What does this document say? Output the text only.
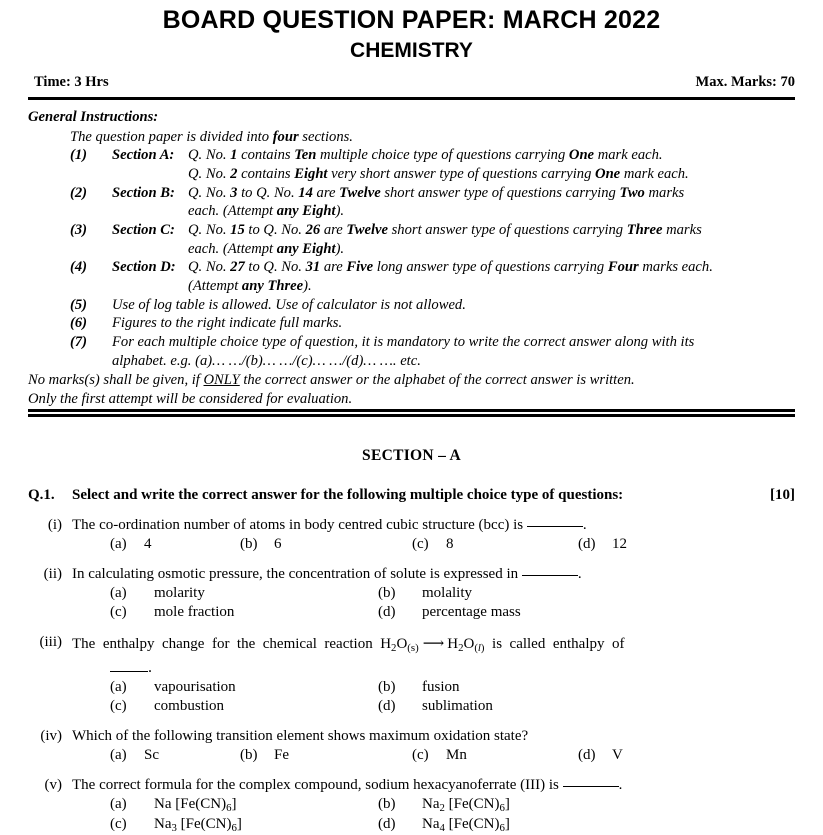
BOARD QUESTION PAPER: MARCH 2022
CHEMISTRY
Time: 3 Hrs	Max. Marks: 70
General Instructions:
The question paper is divided into four sections.
(1)	Section A: Q. No. 1 contains Ten multiple choice type of questions carrying One mark each.
Q. No. 2 contains Eight very short answer type of questions carrying One mark each.
(2)	Section B: Q. No. 3 to Q. No. 14 are Twelve short answer type of questions carrying Two marks
each. (Attempt any Eight).
(3)	Section C: Q. No. 15 to Q. No. 26 are Twelve short answer type of questions carrying Three marks
each. (Attempt any Eight).
(4)	Section D: Q. No. 27 to Q. No. 31 are Five long answer type of questions carrying Four marks each.
(Attempt any Three).
(5)	Use of log table is allowed. Use of calculator is not allowed.
(6)	Figures to the right indicate full marks.
(7)	For each multiple choice type of question, it is mandatory to write the correct answer along with its
alphabet. e.g. (a)… …/(b)… …/(c)… …/(d)… …. etc.
No marks(s) shall be given, if ONLY the correct answer or the alphabet of the correct answer is written.
Only the first attempt will be considered for evaluation.
SECTION – A
Q.1.	Select and write the correct answer for the following multiple choice type of questions:	[10]
(i) The co-ordination number of atoms in body centred cubic structure (bcc) is	.
(a)	4	(b)	6	(c)	8	(d)	12
(ii) In calculating osmotic pressure, the concentration of solute is expressed in	.
(a)	molarity	(b)	molality
(c)	mole fraction	(d)	percentage mass
(iii) The  enthalpy  change  for  the  chemical  reaction  $H_2O_{(s)}$ ⟶ $H_2O_{(l)}$  is  called  enthalpy  of
.
(a)	vapourisation	(b)	fusion
(c)	combustion	(d)	sublimation
(iv) Which of the following transition element shows maximum oxidation state?
(a)	Sc	(b)	Fe	(c)	Mn	(d)	V
(v) The correct formula for the complex compound, sodium hexacyanoferrate (III) is	.
(a)	Na $[Fe(CN)_6]$	(b)	$Na_2$ $[Fe(CN)_6]$
(c)	$Na_3$ $[Fe(CN)_6]$	(d)	$Na_4$ $[Fe(CN)_6]$
